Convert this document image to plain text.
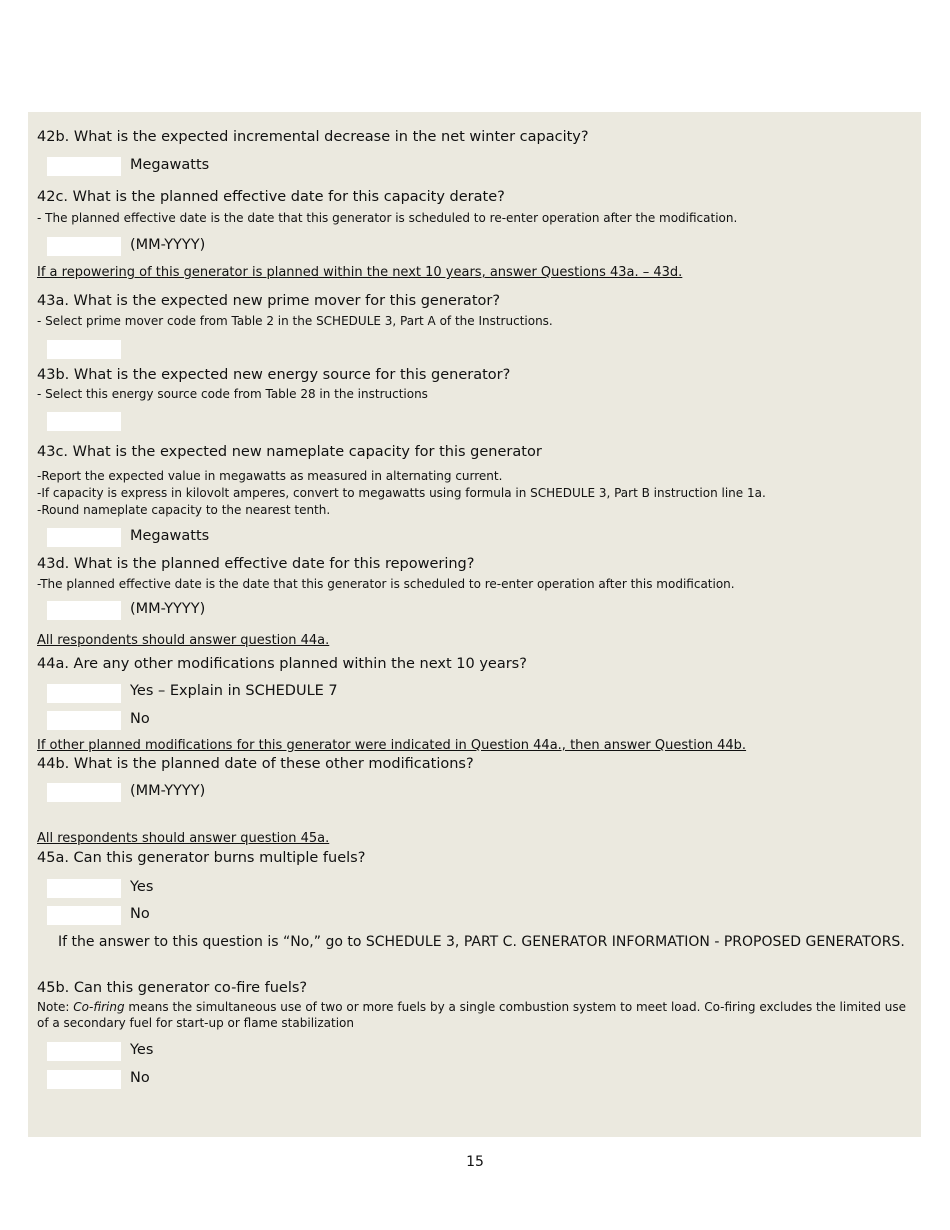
42b. What is the expected incremental decrease in the net winter capacity?
Megawatts
42c. What is the planned effective date for this capacity derate?
- The planned effective date is the date that this generator is scheduled to re-enter operation after the modification.
(MM-YYYY)
If a repowering of this generator is planned within the next 10 years, answer Questions 43a. – 43d.
43a. What is the expected new prime mover for this generator?
- Select prime mover code from Table 2 in the SCHEDULE 3, Part A of the Instructions.
43b. What is the expected new energy source for this generator?
- Select this energy source code from Table 28 in the instructions
43c. What is the expected new nameplate capacity for this generator
-Report the expected value in megawatts as measured in alternating current.
-If capacity is express in kilovolt amperes, convert to megawatts using formula in SCHEDULE 3, Part B instruction line 1a.
-Round nameplate capacity to the nearest tenth.
Megawatts
43d. What is the planned effective date for this repowering?
-The planned effective date is the date that this generator is scheduled to re-enter operation after this modification.
(MM-YYYY)
All respondents should answer question 44a.
44a. Are any other modifications planned within the next 10 years?
Yes – Explain in SCHEDULE 7
No
If other planned modifications for this generator were indicated in Question 44a., then answer Question 44b.
44b. What is the planned date of these other modifications?
(MM-YYYY)
All respondents should answer question 45a.
45a. Can this generator burns multiple fuels?
Yes
No
If the answer to this question is “No,” go to SCHEDULE 3, PART C. GENERATOR INFORMATION - PROPOSED GENERATORS.
45b. Can this generator co-fire fuels?
Note: Co-firing means the simultaneous use of two or more fuels by a single combustion system to meet load. Co-firing excludes the limited use of a secondary fuel for start-up or flame stabilization
Yes
No
15
